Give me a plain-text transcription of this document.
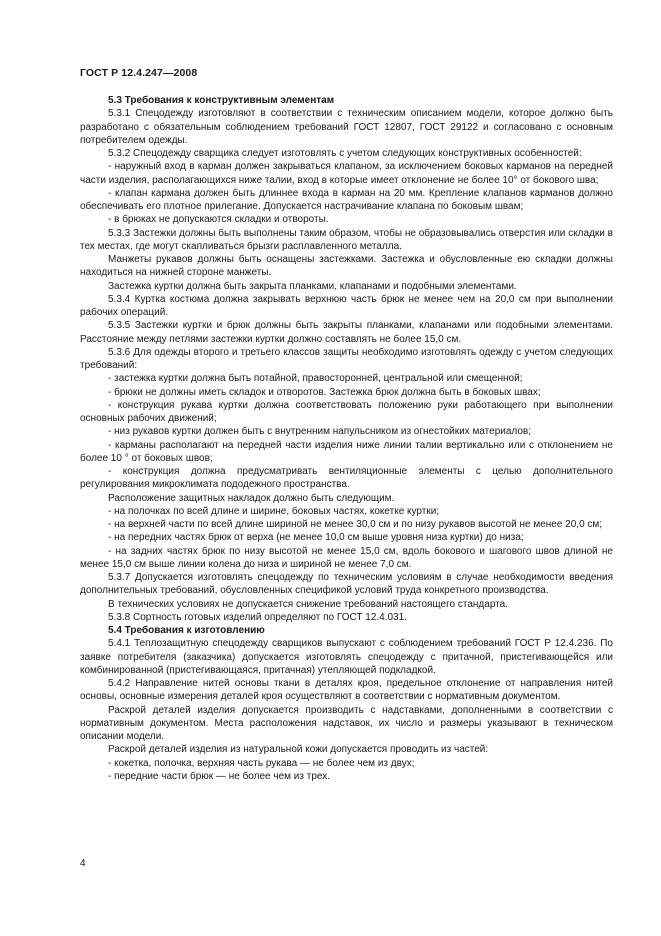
ГОСТ Р 12.4.247—2008

5.3 Требования к конструктивным элементам

5.3.1 Спецодежду изготовляют в соответствии с техническим описанием модели, которое должно быть разработано с обязательным соблюдением требований ГОСТ 12807, ГОСТ 29122 и согласовано с основным потребителем одежды.

5.3.2 Спецодежду сварщика следует изготовлять с учетом следующих конструктивных особенностей:

- наружный вход в карман должен закрываться клапаном, за исключением боковых карманов на передней части изделия, располагающихся ниже талии, вход в которые имеет отклонение не более 10° от бокового шва;

- клапан кармана должен быть длиннее входа в карман на 20 мм. Крепление клапанов карманов должно обеспечивать его плотное прилегание. Допускается настрачивание клапана по боковым швам;

- в брюках не допускаются складки и отвороты.

5.3.3 Застежки должны быть выполнены таким образом, чтобы не образовывались отверстия или складки в тех местах, где могут скапливаться брызги расплавленного металла.

Манжеты рукавов должны быть оснащены застежками. Застежка и обусловленные ею складки должны находиться на нижней стороне манжеты.

Застежка куртки должна быть закрыта планками, клапанами и подобными элементами.

5.3.4 Куртка костюма должна закрывать верхнюю часть брюк не менее чем на 20,0 см при выполнении рабочих операций.

5.3.5 Застежки куртки и брюк должны быть закрыты планками, клапанами или подобными элементами. Расстояние между петлями застежки куртки должно составлять не более 15,0 см.

5.3.6 Для одежды второго и третьего классов защиты необходимо изготовлять одежду с учетом следующих требований:

- застежка куртки должна быть потайной, правосторонней, центральной или смещенной;

- брюки не должны иметь складок и отворотов. Застежка брюк должна быть в боковых швах;

- конструкция рукава куртки должна соответствовать положению руки работающего при выполнении основных рабочих движений;

- низ рукавов куртки должен быть с внутренним напульсником из огнестойких материалов;

- карманы располагают на передней части изделия ниже линии талии вертикально или с отклонением не более 10 ° от боковых швов;

- конструкция должна предусматривать вентиляционные элементы с целью дополнительного регулирования микроклимата пододежного пространства.

Расположение защитных накладок должно быть следующим.

- на полочках по всей длине и ширине, боковых частях, кокетке куртки;

- на верхней части по всей длине шириной не менее 30,0 см и по низу рукавов высотой не менее 20,0 см;

- на передних частях брюк от верха (не менее 10,0 см выше уровня низа куртки) до низа;

- на задних частях брюк по низу высотой не менее 15,0 см, вдоль бокового и шагового швов длиной не менее 15,0 см выше линии колена до низа и шириной не менее 7,0 см.

5.3.7 Допускается изготовлять спецодежду по техническим условиям в случае необходимости введения дополнительных требований, обусловленных спецификой условий труда конкретного производства.

В технических условиях не допускается снижение требований настоящего стандарта.

5.3.8 Сортность готовых изделий определяют по ГОСТ 12.4.031.

5.4 Требования к изготовлению

5.4.1 Теплозащитную спецодежду сварщиков выпускают с соблюдением требований ГОСТ Р 12.4.236. По заявке потребителя (заказчика) допускается изготовлять спецодежду с притачной, пристегивающейся или комбинированной (пристегивающаяся, притачная) утепляющей подкладкой.

5.4.2 Направление нитей основы ткани в деталях кроя, предельное отклонение от направления нитей основы, основные измерения деталей кроя осуществляют в соответствии с нормативным документом.

Раскрой деталей изделия допускается производить с надставками, дополненными в соответствии с нормативным документом. Места расположения надставок, их число и размеры указывают в техническом описании модели.

Раскрой деталей изделия из натуральной кожи допускается проводить из частей:

- кокетка, полочка, верхняя часть рукава — не более чем из двух;

- передние части брюк — не более чем из трех.

4
